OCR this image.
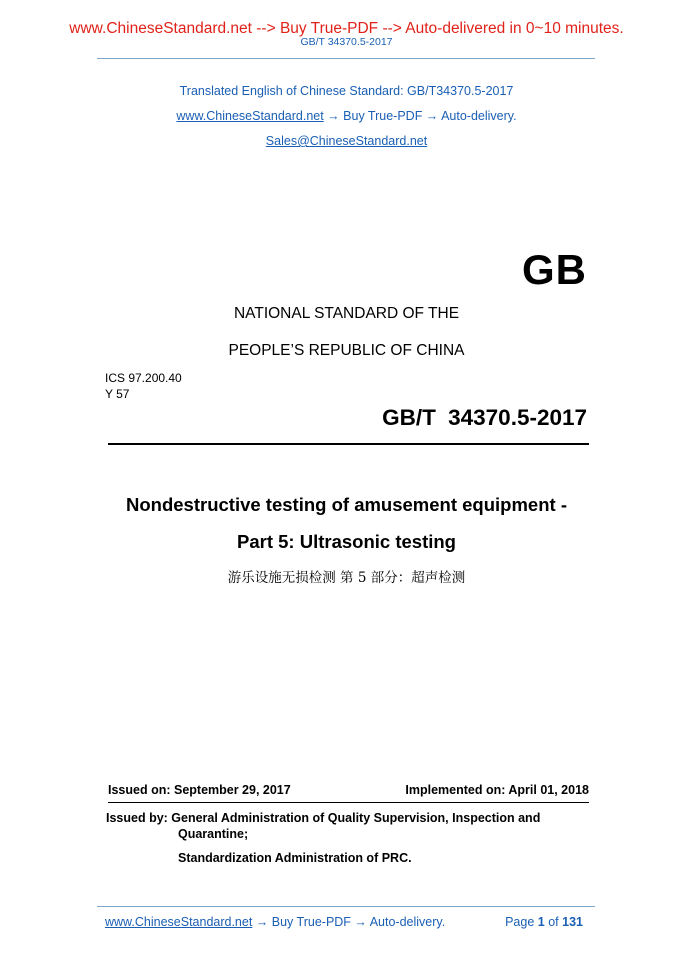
www.ChineseStandard.net --> Buy True-PDF --> Auto-delivered in 0~10 minutes.
GB/T 34370.5-2017
Translated English of Chinese Standard: GB/T34370.5-2017
www.ChineseStandard.net → Buy True-PDF → Auto-delivery.
Sales@ChineseStandard.net
GB
NATIONAL STANDARD OF THE
PEOPLE’S REPUBLIC OF CHINA
ICS 97.200.40
Y 57
GB/T 34370.5-2017
Nondestructive testing of amusement equipment -
Part 5: Ultrasonic testing
游乐设施无损检测 第 5 部分：超声检测
Issued on: September 29, 2017	Implemented on: April 01, 2018
Issued by: General Administration of Quality Supervision, Inspection and
Quarantine;
Standardization Administration of PRC.
www.ChineseStandard.net → Buy True-PDF → Auto-delivery.	Page 1 of 131
